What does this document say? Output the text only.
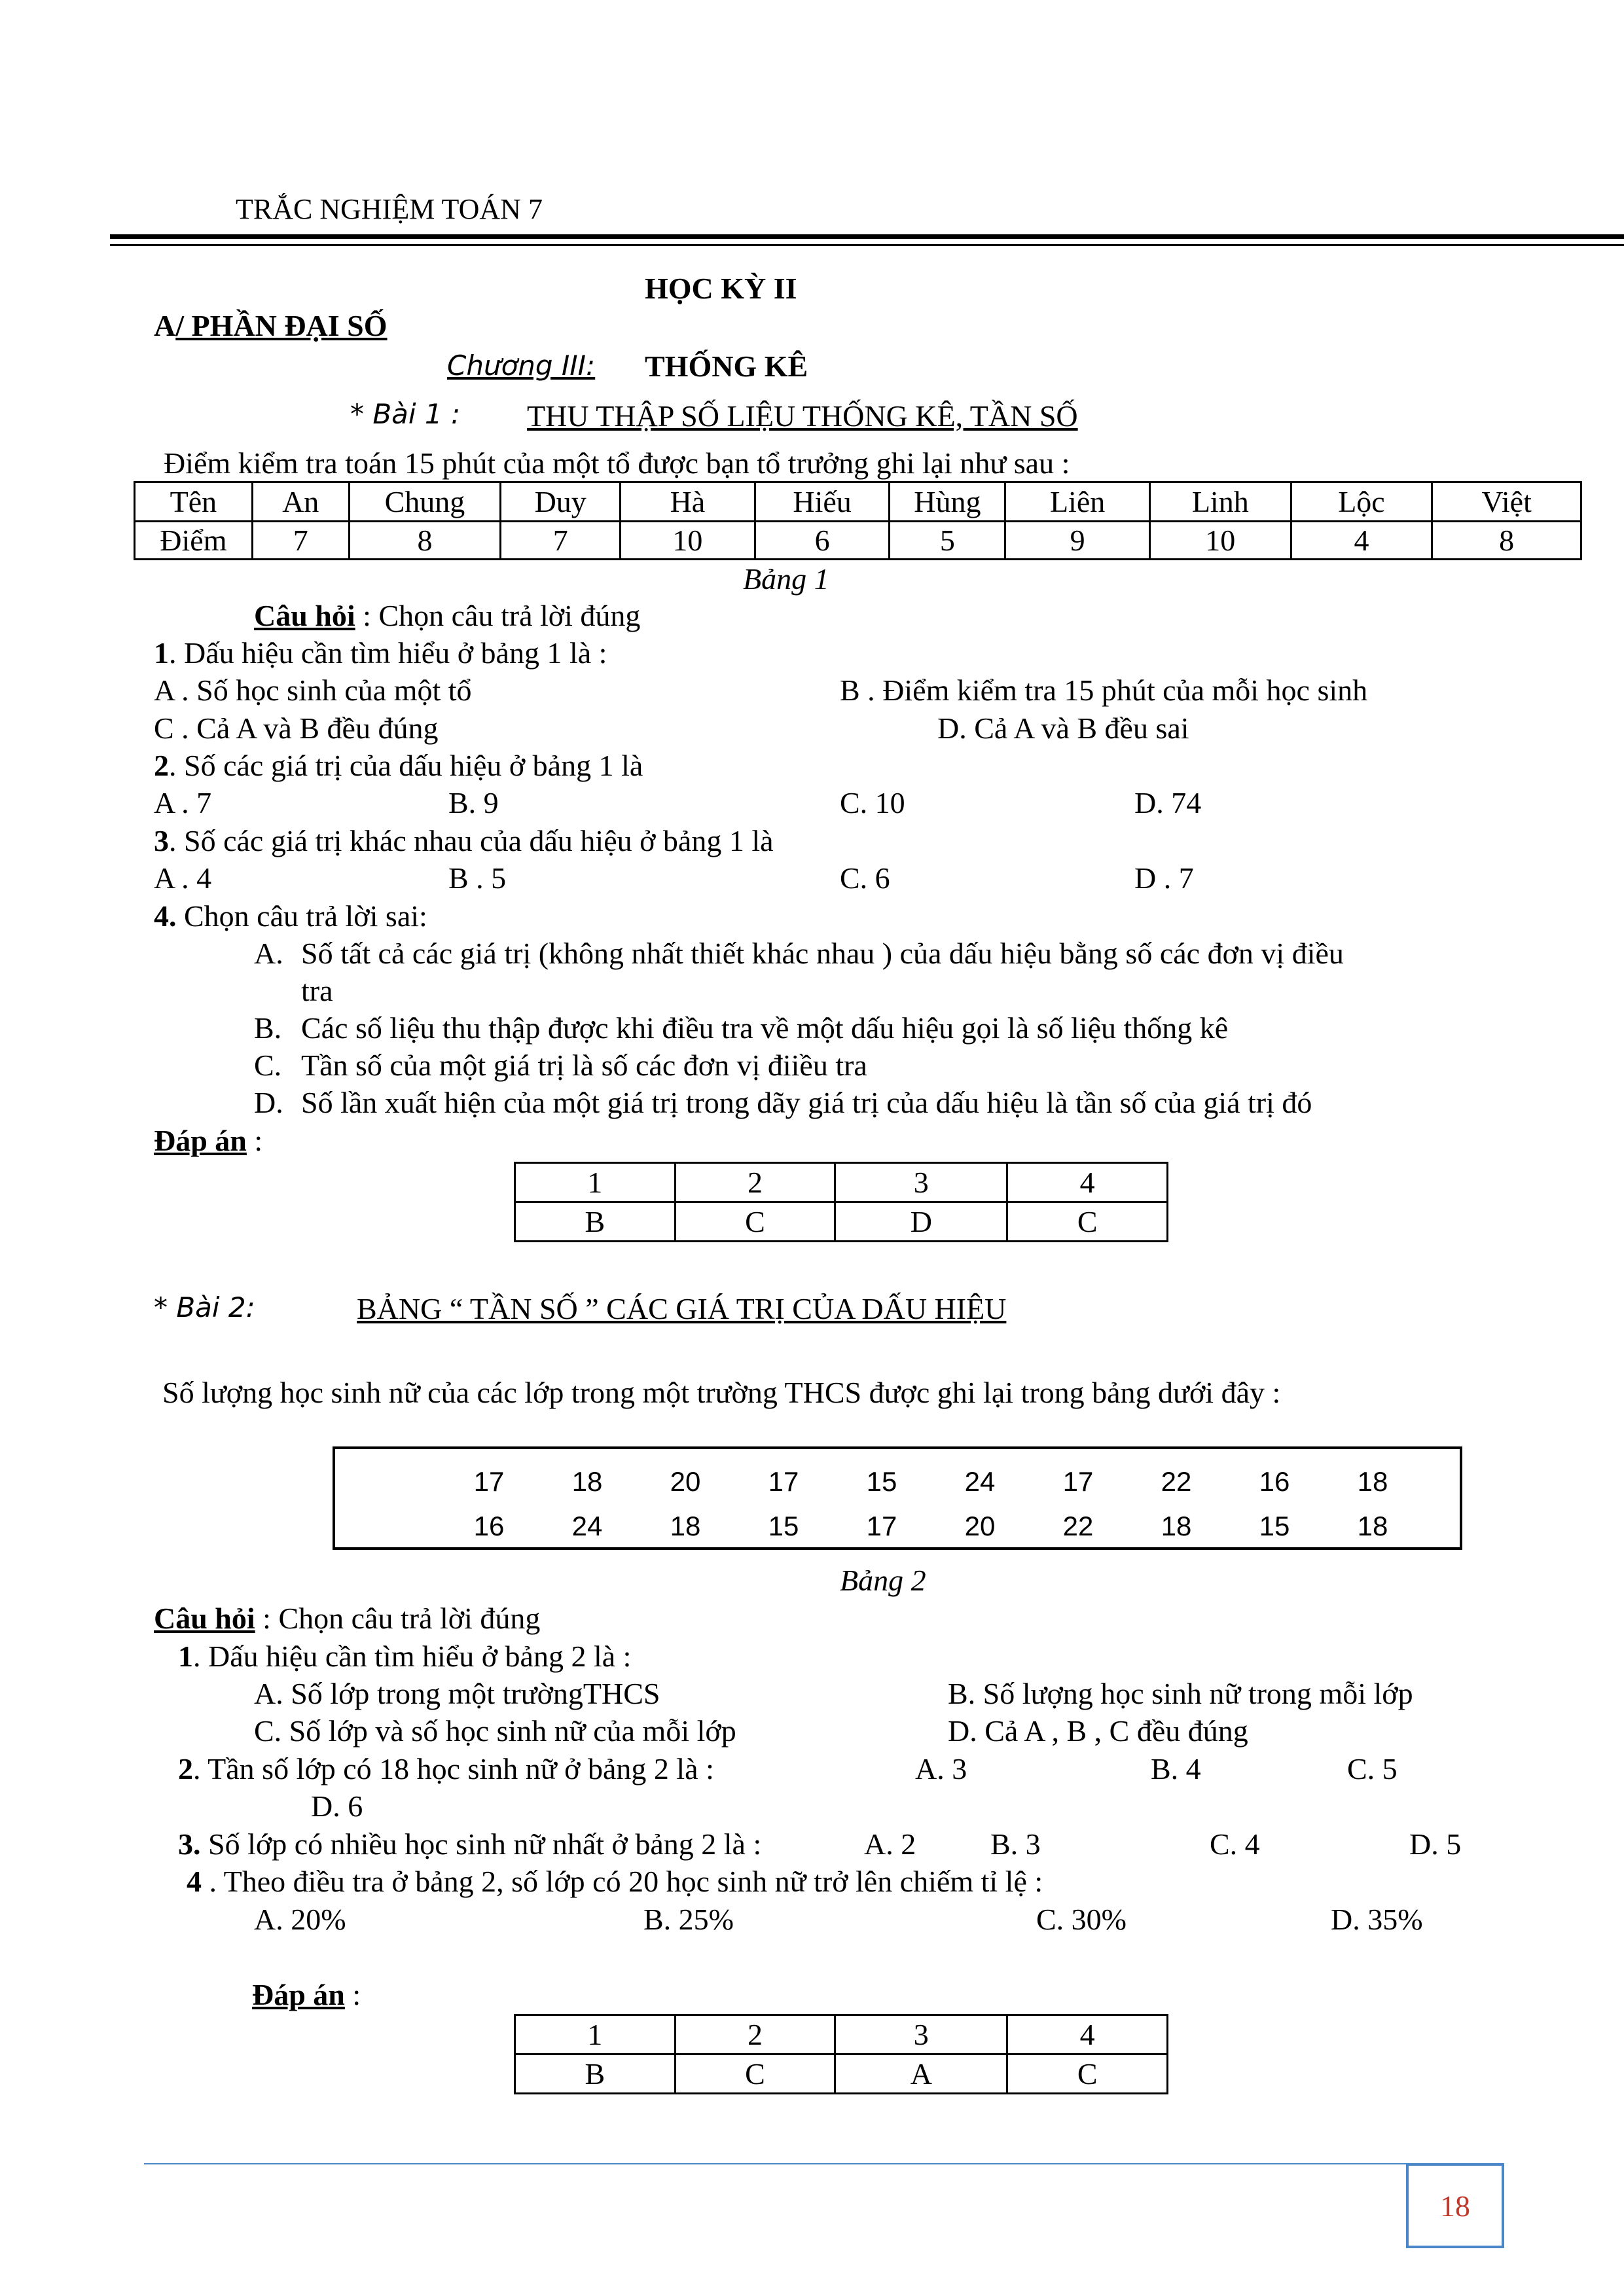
TRẮC NGHIỆM TOÁN 7
HỌC KỲ II
A/ PHẦN ĐẠI SỐ
Chương III: THỐNG KÊ
* Bài 1 : THU THẬP SỐ LIỆU THỐNG KÊ, TẦN SỐ
Điểm kiểm tra toán 15 phút của một tổ được bạn tổ trưởng ghi lại như sau :
Tên	An	Chung	Duy	Hà	Hiếu	Hùng	Liên	Linh	Lộc	Việt
Điểm	7	8	7	10	6	5	9	10	4	8
Bảng 1
Câu hỏi : Chọn câu trả lời đúng
1. Dấu hiệu cần tìm hiểu ở bảng 1 là :
A . Số học sinh của một tổ	B . Điểm kiểm tra 15 phút của mỗi học sinh
C . Cả A và B đều đúng	D. Cả A và B đều sai
2. Số các giá trị của dấu hiệu ở bảng 1 là
A . 7	B. 9	C. 10	D. 74
3. Số các giá trị khác nhau của dấu hiệu ở bảng 1 là
A . 4	B . 5	C. 6	D . 7
4. Chọn câu trả lời sai:
A. Số tất cả các giá trị (không nhất thiết khác nhau ) của dấu hiệu bằng số các đơn vị điều
tra
B. Các số liệu thu thập được khi điều tra về một dấu hiệu gọi là số liệu thống kê
C. Tần số của một giá trị là số các đơn vị điiều tra
D. Số lần xuất hiện của một giá trị trong dãy giá trị của dấu hiệu là tần số của giá trị đó
Đáp án :
1	2	3	4
B	C	D	C
* Bài 2:	BẢNG “ TẦN SỐ ” CÁC GIÁ TRỊ CỦA DẤU HIỆU
Số lượng học sinh nữ của các lớp trong một trường THCS được ghi lại trong bảng dưới đây :
17	18	20	17	15	24	17	22	16	18
16	24	18	15	17	20	22	18	15	18
Bảng 2
Câu hỏi : Chọn câu trả lời đúng
1. Dấu hiệu cần tìm hiểu ở bảng 2 là :
A. Số lớp trong một trườngTHCS	B. Số lượng học sinh nữ trong mỗi lớp
C. Số lớp và số học sinh nữ của mỗi lớp	D. Cả A , B , C đều đúng
2. Tần số lớp có 18 học sinh nữ ở bảng 2 là :	A. 3	B. 4	C. 5
D. 6
3. Số lớp có nhiều học sinh nữ nhất ở bảng 2 là :	A. 2 B. 3	C. 4	D. 5
4 . Theo điều tra ở bảng 2, số lớp có 20 học sinh nữ trở lên chiếm tỉ lệ :
A. 20%	B. 25%	C. 30%	D. 35%
Đáp án :
1	2	3	4
B	C	A	C
18
